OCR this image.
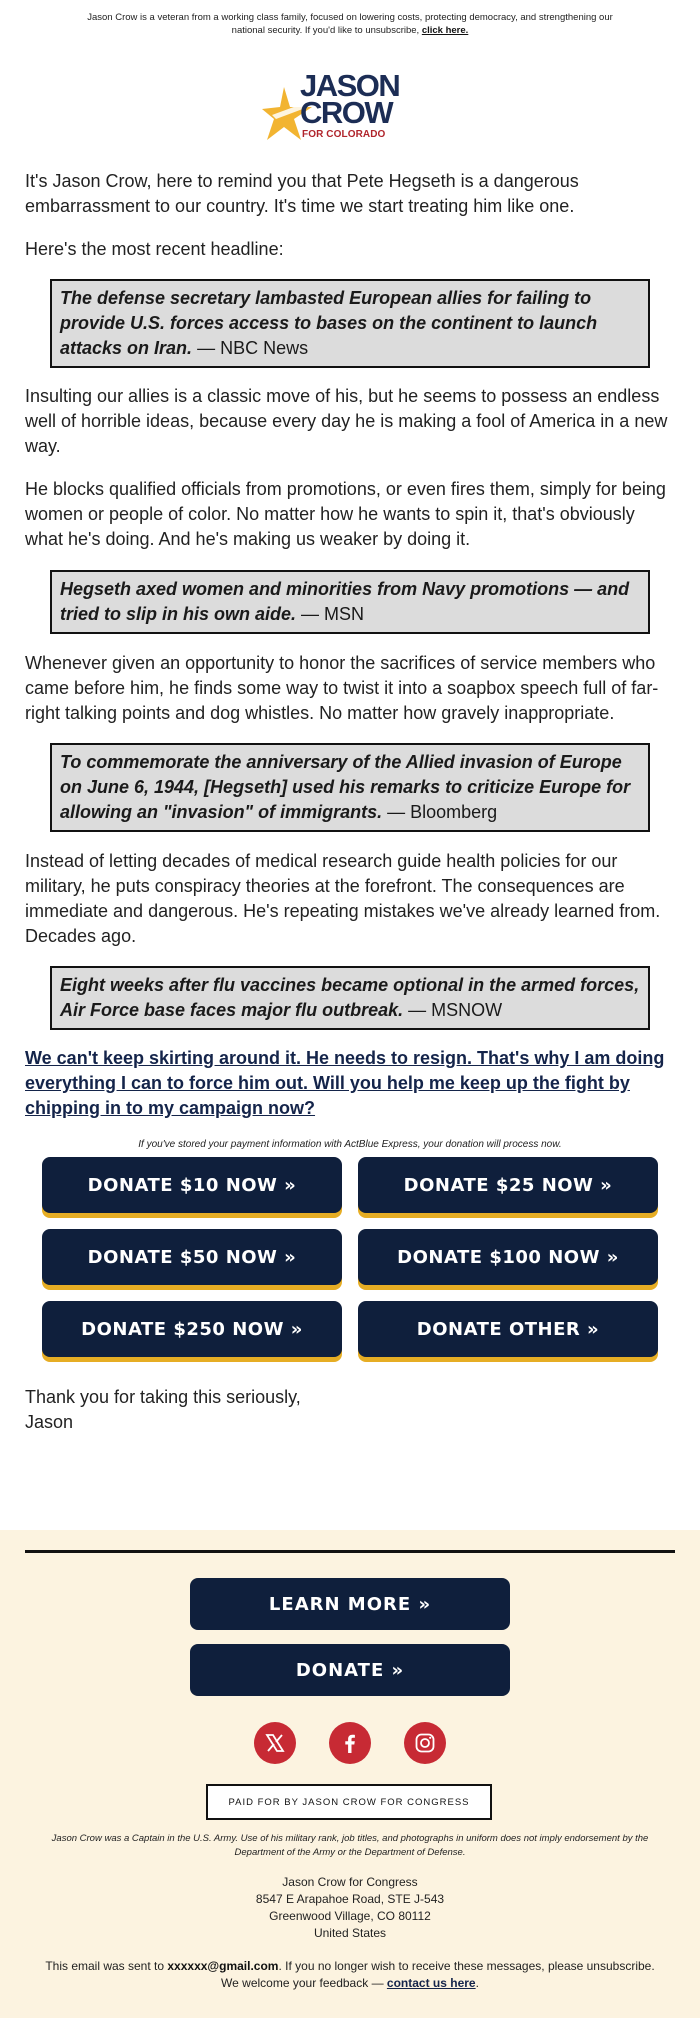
Jason Crow is a veteran from a working class family, focused on lowering costs, protecting democracy, and strengthening our national security. If you'd like to unsubscribe, click here.
JASON
CROW
FOR COLORADO

It's Jason Crow, here to remind you that Pete Hegseth is a dangerous embarrassment to our country. It's time we start treating him like one.

Here's the most recent headline:

The defense secretary lambasted European allies for failing to provide U.S. forces access to bases on the continent to launch attacks on Iran. — NBC News

Insulting our allies is a classic move of his, but he seems to possess an endless well of horrible ideas, because every day he is making a fool of America in a new way.

He blocks qualified officials from promotions, or even fires them, simply for being women or people of color. No matter how he wants to spin it, that's obviously what he's doing. And he's making us weaker by doing it.

Hegseth axed women and minorities from Navy promotions — and tried to slip in his own aide. — MSN

Whenever given an opportunity to honor the sacrifices of service members who came before him, he finds some way to twist it into a soapbox speech full of far-right talking points and dog whistles. No matter how gravely inappropriate.

To commemorate the anniversary of the Allied invasion of Europe on June 6, 1944, [Hegseth] used his remarks to criticize Europe for allowing an "invasion" of immigrants. — Bloomberg

Instead of letting decades of medical research guide health policies for our military, he puts conspiracy theories at the forefront. The consequences are immediate and dangerous. He's repeating mistakes we've already learned from. Decades ago.

Eight weeks after flu vaccines became optional in the armed forces, Air Force base faces major flu outbreak. — MSNOW
We can't keep skirting around it. He needs to resign. That's why I am doing everything I can to force him out. Will you help me keep up the fight by chipping in to my campaign now?
If you've stored your payment information with ActBlue Express, your donation will process now.
DONATE $10 NOW »	DONATE $25 NOW »
DONATE $50 NOW »	DONATE $100 NOW »
DONATE $250 NOW »	DONATE OTHER »

Thank you for taking this seriously,

Jason

LEARN MORE »
DONATE »
PAID FOR BY JASON CROW FOR CONGRESS
Jason Crow was a Captain in the U.S. Army. Use of his military rank, job titles, and photographs in uniform does not imply endorsement by the Department of the Army or the Department of Defense.
Jason Crow for Congress
8547 E Arapahoe Road, STE J-543
Greenwood Village, CO 80112
United States
This email was sent to xxxxxx@gmail.com. If you no longer wish to receive these messages, please unsubscribe.
We welcome your feedback — contact us here.
